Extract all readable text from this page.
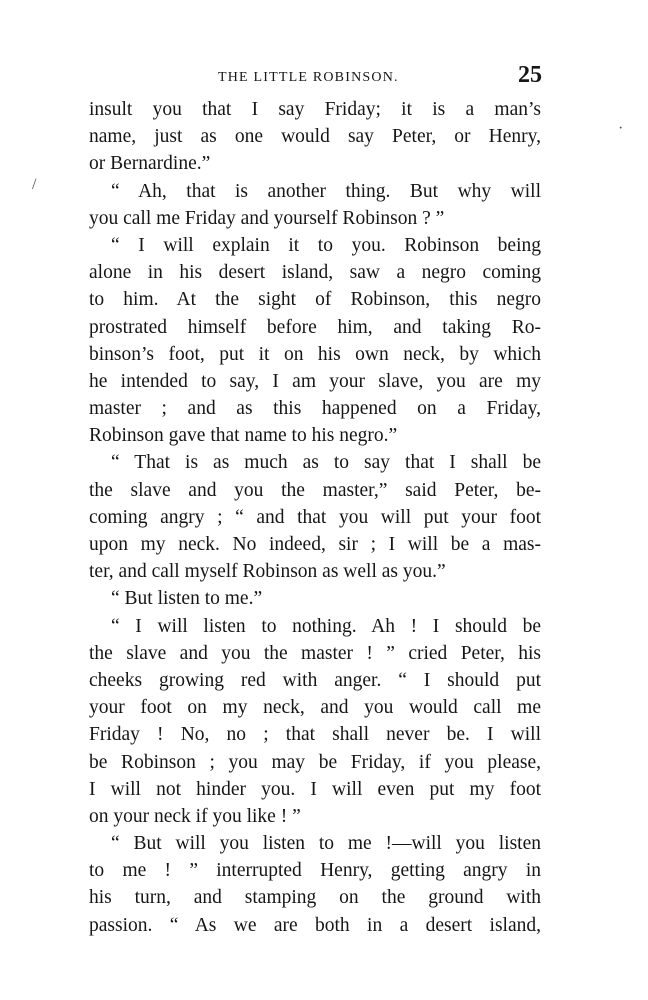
THE LITTLE ROBINSON.	25
·
/
insult you that I say Friday; it is a man’s
name, just as one would say Peter, or Henry,
or Bernardine.”
“ Ah, that is another thing. But why will
you call me Friday and yourself Robinson ? ”
“ I will explain it to you. Robinson being
alone in his desert island, saw a negro coming
to him. At the sight of Robinson, this negro
prostrated himself before him, and taking Ro-
binson’s foot, put it on his own neck, by which
he intended to say, I am your slave, you are my
master ; and as this happened on a Friday,
Robinson gave that name to his negro.”
“ That is as much as to say that I shall be
the slave and you the master,” said Peter, be-
coming angry ; “ and that you will put your foot
upon my neck. No indeed, sir ; I will be a mas-
ter, and call myself Robinson as well as you.”
“ But listen to me.”
“ I will listen to nothing. Ah ! I should be
the slave and you the master ! ” cried Peter, his
cheeks growing red with anger. “ I should put
your foot on my neck, and you would call me
Friday ! No, no ; that shall never be. I will
be Robinson ; you may be Friday, if you please,
I will not hinder you. I will even put my foot
on your neck if you like ! ”
“ But will you listen to me !—will you listen
to me ! ” interrupted Henry, getting angry in
his turn, and stamping on the ground with
passion. “ As we are both in a desert island,
